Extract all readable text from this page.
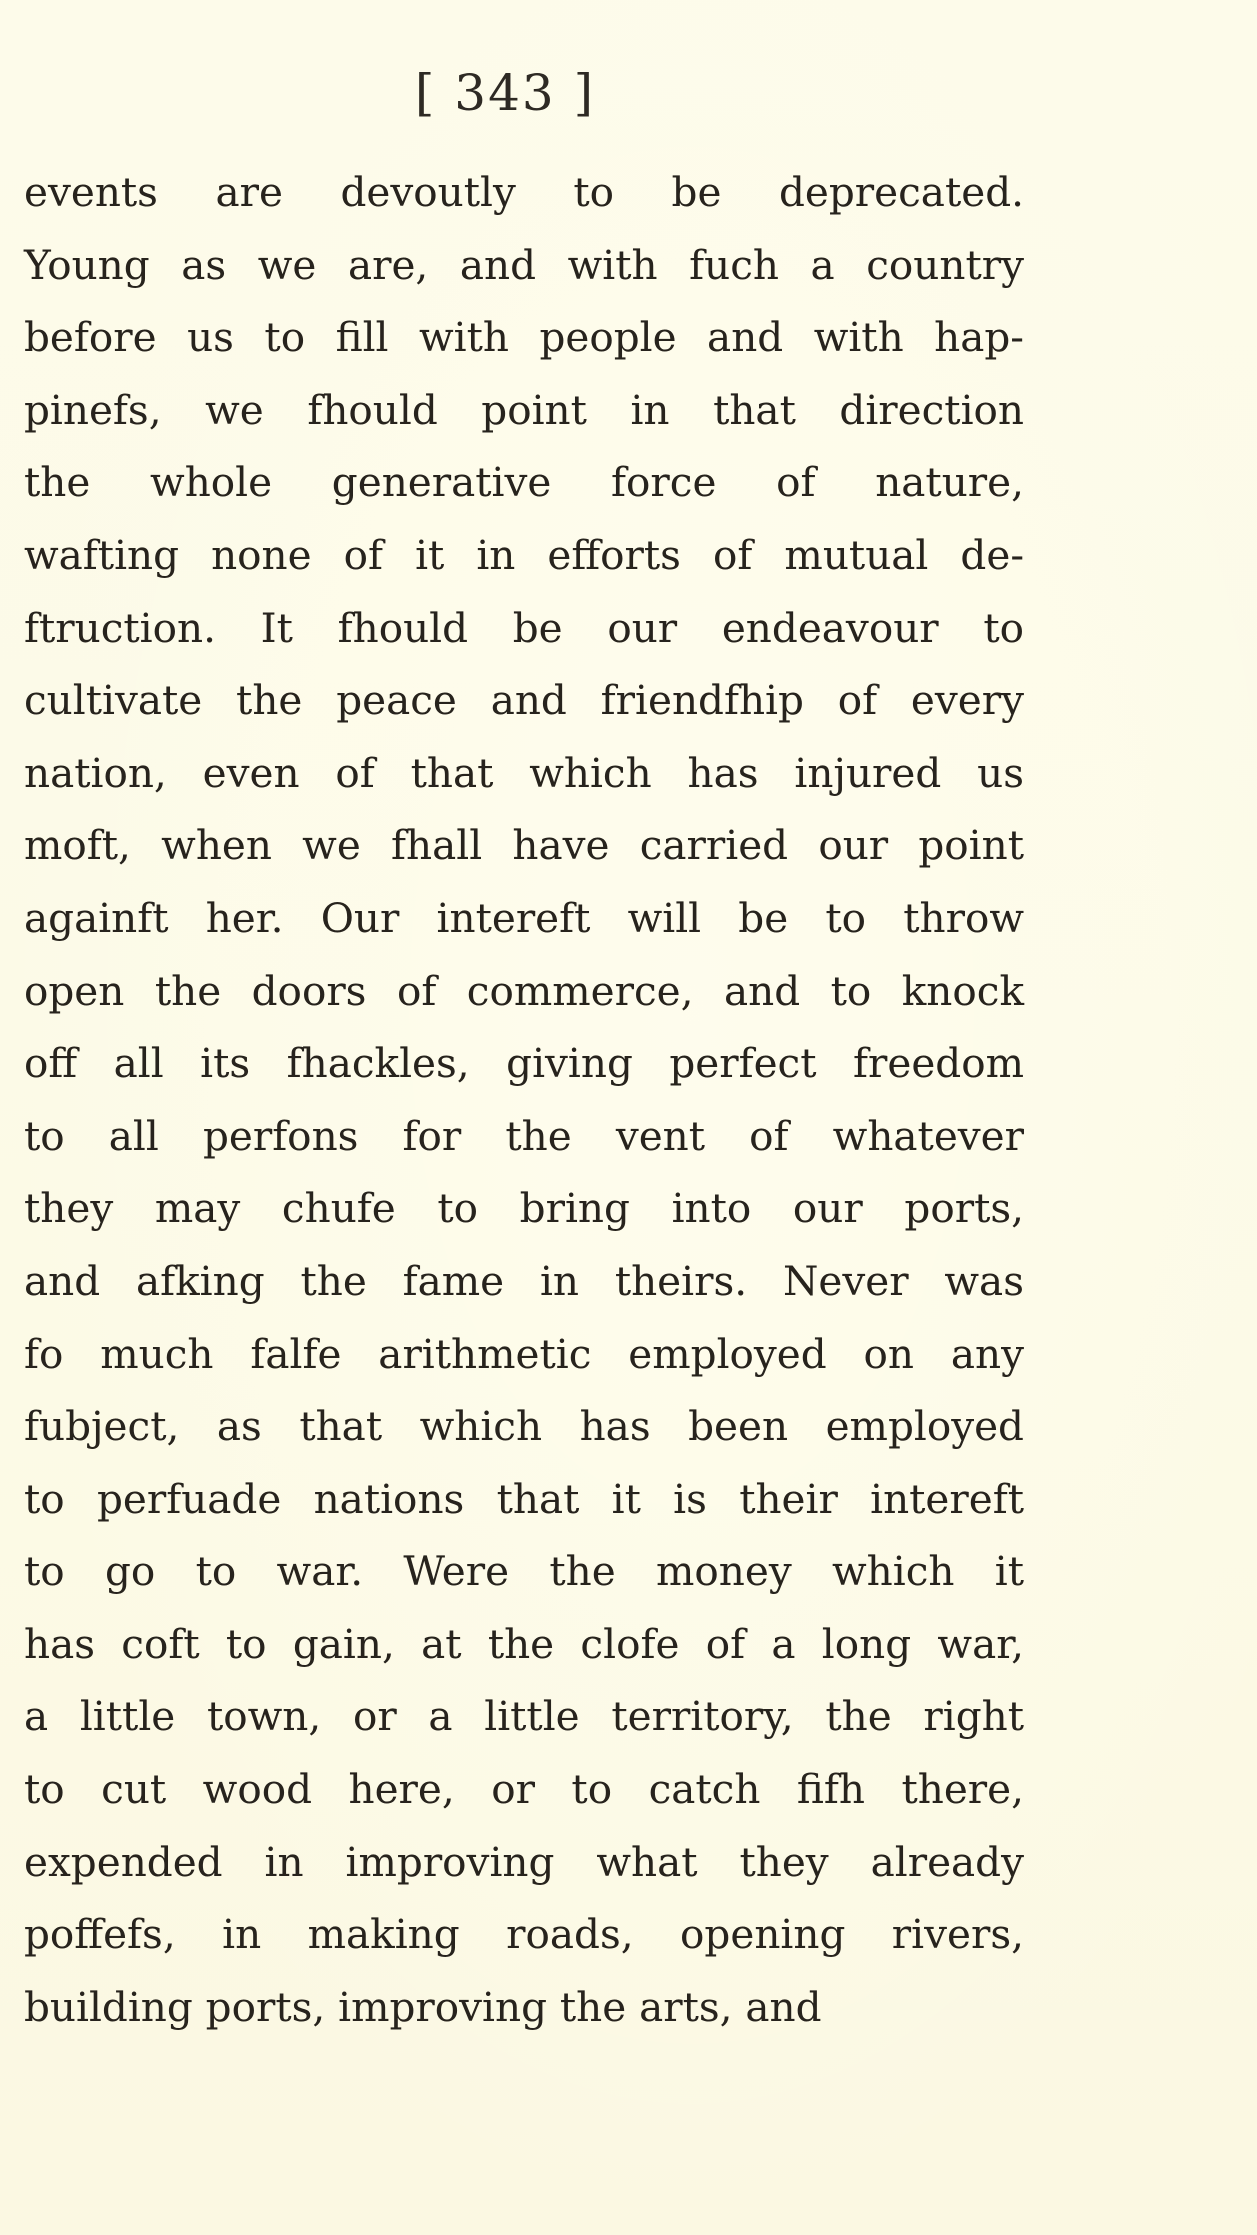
[ 343 ]
events are devoutly to be deprecated.
Young as we are, and with fuch a country
before us to fill with people and with hap-
pinefs, we fhould point in that direction
the whole generative force of nature,
wafting none of it in efforts of mutual de-
ftruction. It fhould be our endeavour to
cultivate the peace and friendfhip of every
nation, even of that which has injured us
moft, when we fhall have carried our point
againft her. Our intereft will be to throw
open the doors of commerce, and to knock
off all its fhackles, giving perfect freedom
to all perfons for the vent of whatever
they may chufe to bring into our ports,
and afking the fame in theirs. Never was
fo much falfe arithmetic employed on any
fubject, as that which has been employed
to perfuade nations that it is their intereft
to go to war. Were the money which it
has coft to gain, at the clofe of a long war,
a little town, or a little territory, the right
to cut wood here, or to catch fifh there,
expended in improving what they already
poffefs, in making roads, opening rivers,
building ports, improving the arts, and
